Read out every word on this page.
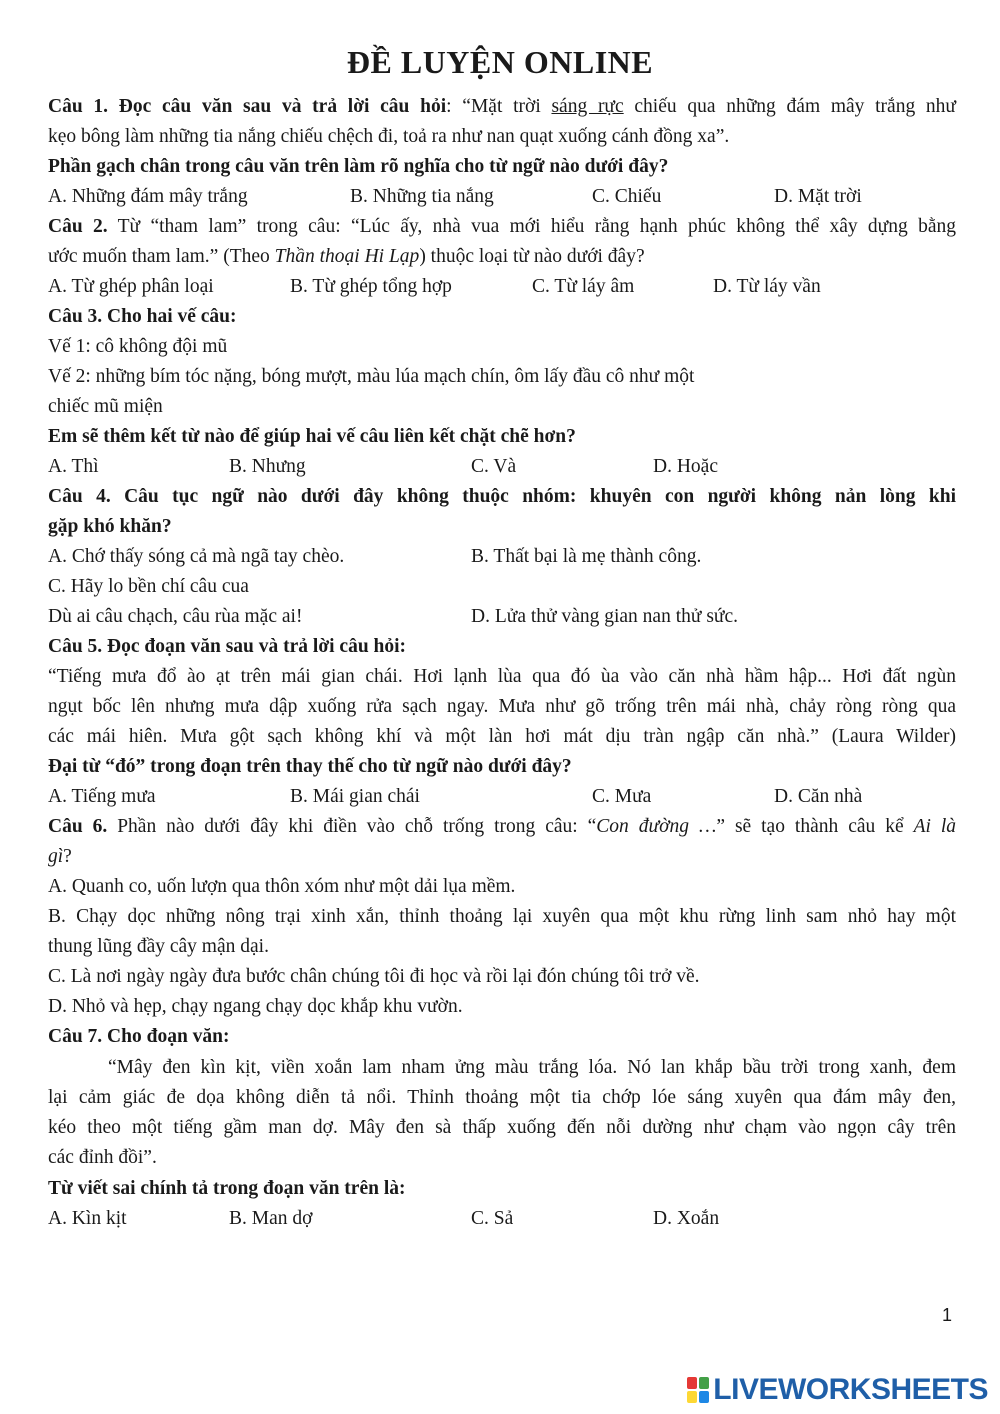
ĐỀ LUYỆN ONLINE
Câu 1. Đọc câu văn sau và trả lời câu hỏi: “Mặt trời sáng rực chiếu qua những đám mây trắng như
kẹo bông làm những tia nắng chiếu chệch đi, toả ra như nan quạt xuống cánh đồng xa”.
Phần gạch chân trong câu văn trên làm rõ nghĩa cho từ ngữ nào dưới đây?
A. Những đám mây trắng	B. Những tia nắng	C. Chiếu	D. Mặt trời
Câu 2. Từ “tham lam” trong câu: “Lúc ấy, nhà vua mới hiểu rằng hạnh phúc không thể xây dựng bằng
ước muốn tham lam.” (Theo Thần thoại Hi Lạp) thuộc loại từ nào dưới đây?
A. Từ ghép phân loại	B. Từ ghép tổng hợp	C. Từ láy âm	D. Từ láy vần
Câu 3. Cho hai vế câu:
Vế 1: cô không đội mũ
Vế 2: những bím tóc nặng, bóng mượt, màu lúa mạch chín, ôm lấy đầu cô như một
chiếc mũ miện
Em sẽ thêm kết từ nào để giúp hai vế câu liên kết chặt chẽ hơn?
A. Thì	B. Nhưng	C. Và	D. Hoặc
Câu 4. Câu tục ngữ nào dưới đây không thuộc nhóm: khuyên con người không nản lòng khi
gặp khó khăn?
A. Chớ thấy sóng cả mà ngã tay chèo.	B. Thất bại là mẹ thành công.
C. Hãy lo bền chí câu cua
Dù ai câu chạch, câu rùa mặc ai!	D. Lửa thử vàng gian nan thử sức.
Câu 5. Đọc đoạn văn sau và trả lời câu hỏi:
“Tiếng mưa đổ ào ạt trên mái gian chái. Hơi lạnh lùa qua đó ùa vào căn nhà hầm hập... Hơi đất ngùn
ngụt bốc lên nhưng mưa dập xuống rửa sạch ngay. Mưa như gõ trống trên mái nhà, chảy ròng ròng qua
các mái hiên. Mưa gột sạch không khí và một làn hơi mát dịu tràn ngập căn nhà.” (Laura Wilder)
Đại từ “đó” trong đoạn trên thay thế cho từ ngữ nào dưới đây?
A. Tiếng mưa	B. Mái gian chái	C. Mưa	D. Căn nhà
Câu 6. Phần nào dưới đây khi điền vào chỗ trống trong câu: “Con đường …” sẽ tạo thành câu kể Ai là
gì?
A. Quanh co, uốn lượn qua thôn xóm như một dải lụa mềm.
B. Chạy dọc những nông trại xinh xắn, thỉnh thoảng lại xuyên qua một khu rừng linh sam nhỏ hay một
thung lũng đầy cây mận dại.
C. Là nơi ngày ngày đưa bước chân chúng tôi đi học và rồi lại đón chúng tôi trở về.
D. Nhỏ và hẹp, chạy ngang chạy dọc khắp khu vườn.
Câu 7. Cho đoạn văn:
“Mây đen kìn kịt, viền xoắn lam nham ửng màu trắng lóa. Nó lan khắp bầu trời trong xanh, đem
lại cảm giác đe dọa không diễn tả nổi. Thỉnh thoảng một tia chớp lóe sáng xuyên qua đám mây đen,
kéo theo một tiếng gầm man dợ. Mây đen sà thấp xuống đến nỗi dường như chạm vào ngọn cây trên
các đỉnh đồi”.
Từ viết sai chính tả trong đoạn văn trên là:
A. Kìn kịt	B. Man dợ	C. Sả	D. Xoắn
1
LIVEWORKSHEETS
